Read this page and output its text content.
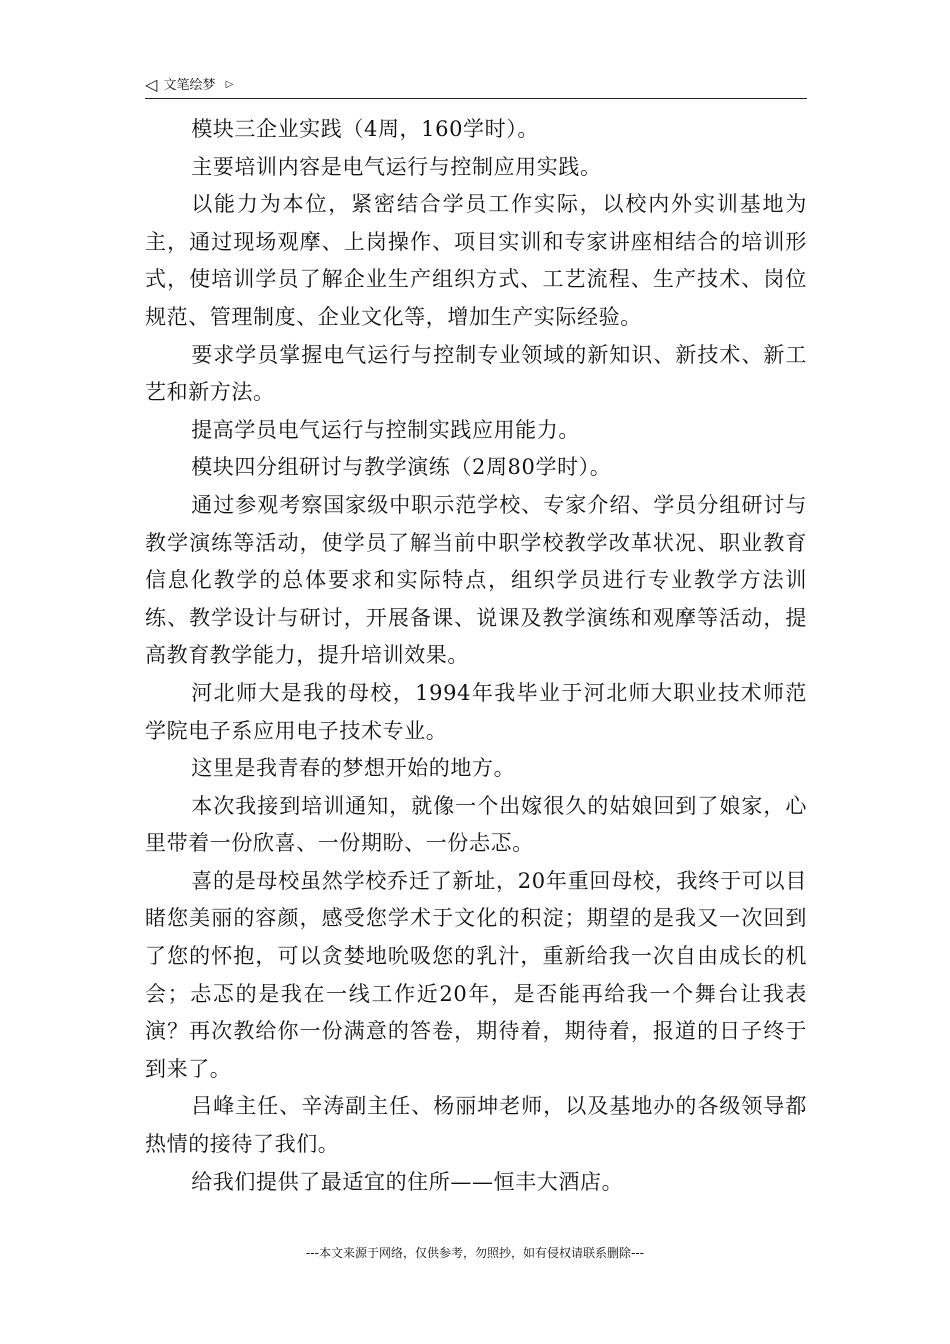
◁ 文笔绘梦 ▷

模块三企业实践（4周，160学时）。

主要培训内容是电气运行与控制应用实践。

以能力为本位，紧密结合学员工作实际，以校内外实训基地为主，通过现场观摩、上岗操作、项目实训和专家讲座相结合的培训形式，使培训学员了解企业生产组织方式、工艺流程、生产技术、岗位规范、管理制度、企业文化等，增加生产实际经验。

要求学员掌握电气运行与控制专业领域的新知识、新技术、新工艺和新方法。

提高学员电气运行与控制实践应用能力。

模块四分组研讨与教学演练（2周80学时）。

通过参观考察国家级中职示范学校、专家介绍、学员分组研讨与教学演练等活动，使学员了解当前中职学校教学改革状况、职业教育信息化教学的总体要求和实际特点，组织学员进行专业教学方法训练、教学设计与研讨，开展备课、说课及教学演练和观摩等活动，提高教育教学能力，提升培训效果。

河北师大是我的母校，1994年我毕业于河北师大职业技术师范学院电子系应用电子技术专业。

这里是我青春的梦想开始的地方。

本次我接到培训通知，就像一个出嫁很久的姑娘回到了娘家，心里带着一份欣喜、一份期盼、一份忐忑。

喜的是母校虽然学校乔迁了新址，20年重回母校，我终于可以目睹您美丽的容颜，感受您学术于文化的积淀；期望的是我又一次回到了您的怀抱，可以贪婪地吮吸您的乳汁，重新给我一次自由成长的机会；忐忑的是我在一线工作近20年，是否能再给我一个舞台让我表演？再次教给你一份满意的答卷，期待着，期待着，报道的日子终于到来了。

吕峰主任、辛涛副主任、杨丽坤老师，以及基地办的各级领导都热情的接待了我们。

给我们提供了最适宜的住所——恒丰大酒店。

---本文来源于网络，仅供参考，勿照抄，如有侵权请联系删除---
